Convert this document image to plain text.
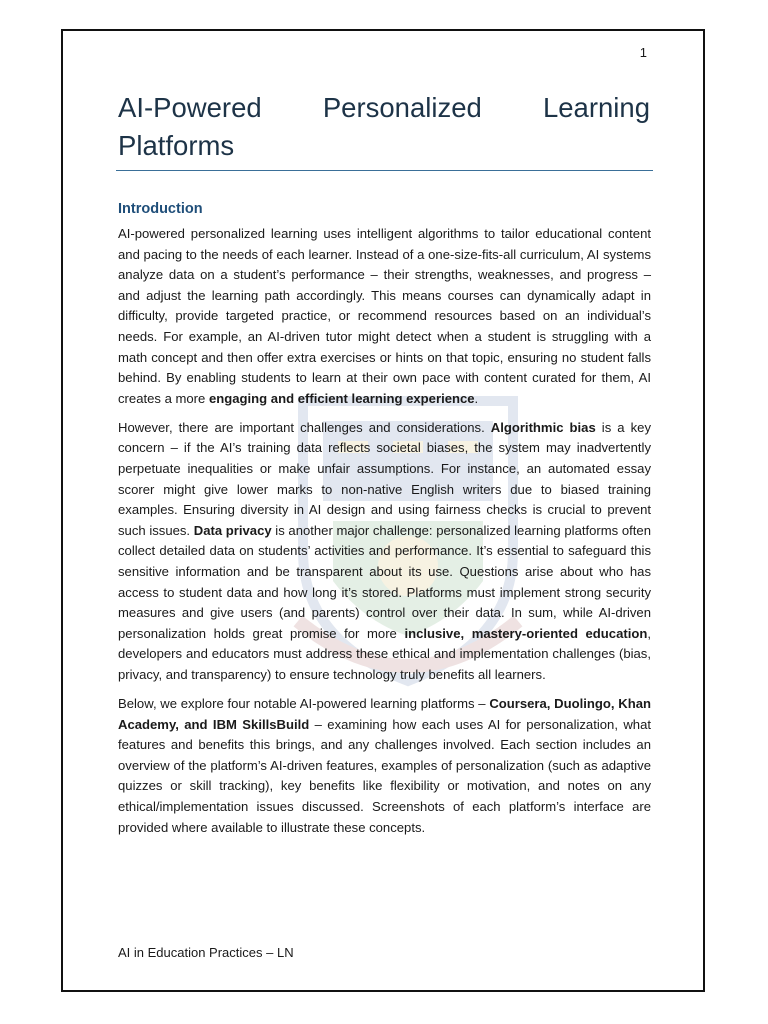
1
AI-Powered Personalized Learning Platforms
Introduction

AI-powered personalized learning uses intelligent algorithms to tailor educational content and pacing to the needs of each learner. Instead of a one-size-fits-all curriculum, AI systems analyze data on a student’s performance – their strengths, weaknesses, and progress – and adjust the learning path accordingly. This means courses can dynamically adapt in difficulty, provide targeted practice, or recommend resources based on an individual’s needs. For example, an AI-driven tutor might detect when a student is struggling with a math concept and then offer extra exercises or hints on that topic, ensuring no student falls behind. By enabling students to learn at their own pace with content curated for them, AI creates a more engaging and efficient learning experience.

However, there are important challenges and considerations. Algorithmic bias is a key concern – if the AI’s training data reflects societal biases, the system may inadvertently perpetuate inequalities or make unfair assumptions. For instance, an automated essay scorer might give lower marks to non-native English writers due to biased training examples. Ensuring diversity in AI design and using fairness checks is crucial to prevent such issues. Data privacy is another major challenge: personalized learning platforms often collect detailed data on students’ activities and performance. It’s essential to safeguard this sensitive information and be transparent about its use. Questions arise about who has access to student data and how long it’s stored. Platforms must implement strong security measures and give users (and parents) control over their data. In sum, while AI-driven personalization holds great promise for more inclusive, mastery-oriented education, developers and educators must address these ethical and implementation challenges (bias, privacy, and transparency) to ensure technology truly benefits all learners.

Below, we explore four notable AI-powered learning platforms – Coursera, Duolingo, Khan Academy, and IBM SkillsBuild – examining how each uses AI for personalization, what features and benefits this brings, and any challenges involved. Each section includes an overview of the platform’s AI-driven features, examples of personalization (such as adaptive quizzes or skill tracking), key benefits like flexibility or motivation, and notes on any ethical/implementation issues discussed. Screenshots of each platform’s interface are provided where available to illustrate these concepts.

AI in Education Practices – LN
